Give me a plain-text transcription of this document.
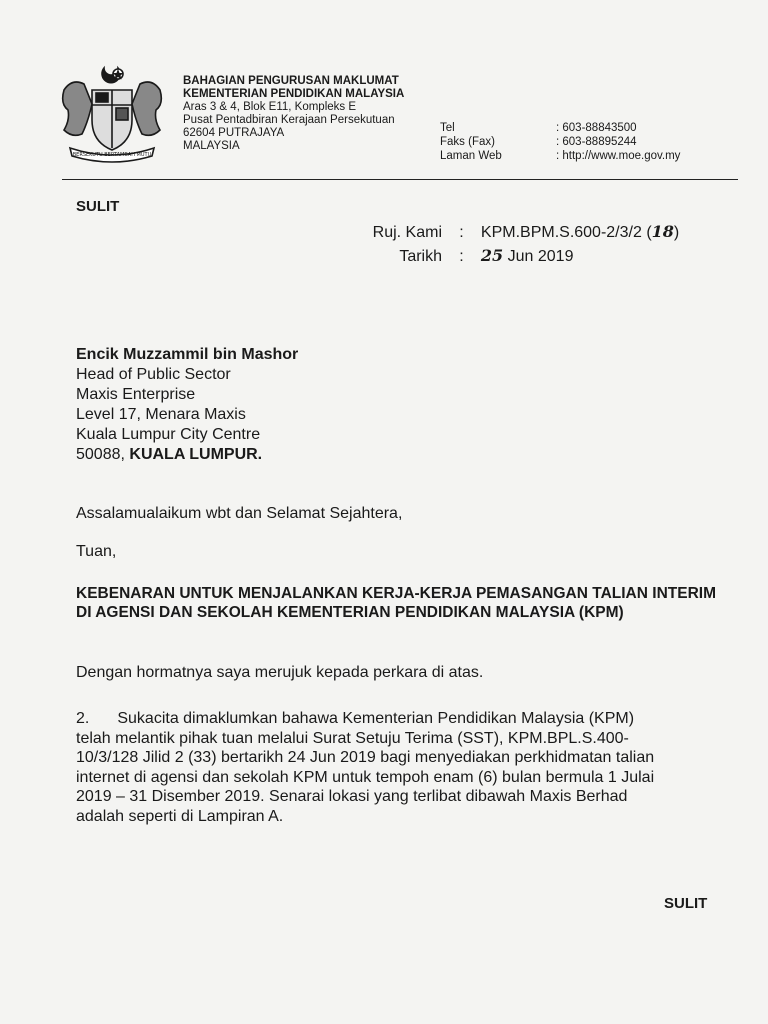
BERSEKUTU BERTAMBAH MUTU
BAHAGIAN PENGURUSAN MAKLUMAT
KEMENTERIAN PENDIDIKAN MALAYSIA
Aras 3 & 4, Blok E11, Kompleks E
Pusat Pentadbiran Kerajaan Persekutuan
62604 PUTRAJAYA
MALAYSIA
Tel
Faks (Fax)
Laman Web
: 603-88843500
: 603-88895244
: http://www.moe.gov.my
SULIT
Ruj. Kami : KPM.BPM.S.600-2/3/2 (18)
Tarikh : 25 Jun 2019
Encik Muzzammil bin Mashor
Head of Public Sector
Maxis Enterprise
Level 17, Menara Maxis
Kuala Lumpur City Centre
50088, KUALA LUMPUR.
Assalamualaikum wbt dan Selamat Sejahtera,
Tuan,
KEBENARAN UNTUK MENJALANKAN KERJA-KERJA PEMASANGAN TALIAN INTERIM DI AGENSI DAN SEKOLAH KEMENTERIAN PENDIDIKAN MALAYSIA (KPM)
Dengan hormatnya saya merujuk kepada perkara di atas.
2. Sukacita dimaklumkan bahawa Kementerian Pendidikan Malaysia (KPM)
telah melantik pihak tuan melalui Surat Setuju Terima (SST), KPM.BPL.S.400-
10/3/128 Jilid 2 (33) bertarikh 24 Jun 2019 bagi menyediakan perkhidmatan talian
internet di agensi dan sekolah KPM untuk tempoh enam (6) bulan bermula 1 Julai
2019 – 31 Disember 2019. Senarai lokasi yang terlibat dibawah Maxis Berhad
adalah seperti di Lampiran A.
SULIT
